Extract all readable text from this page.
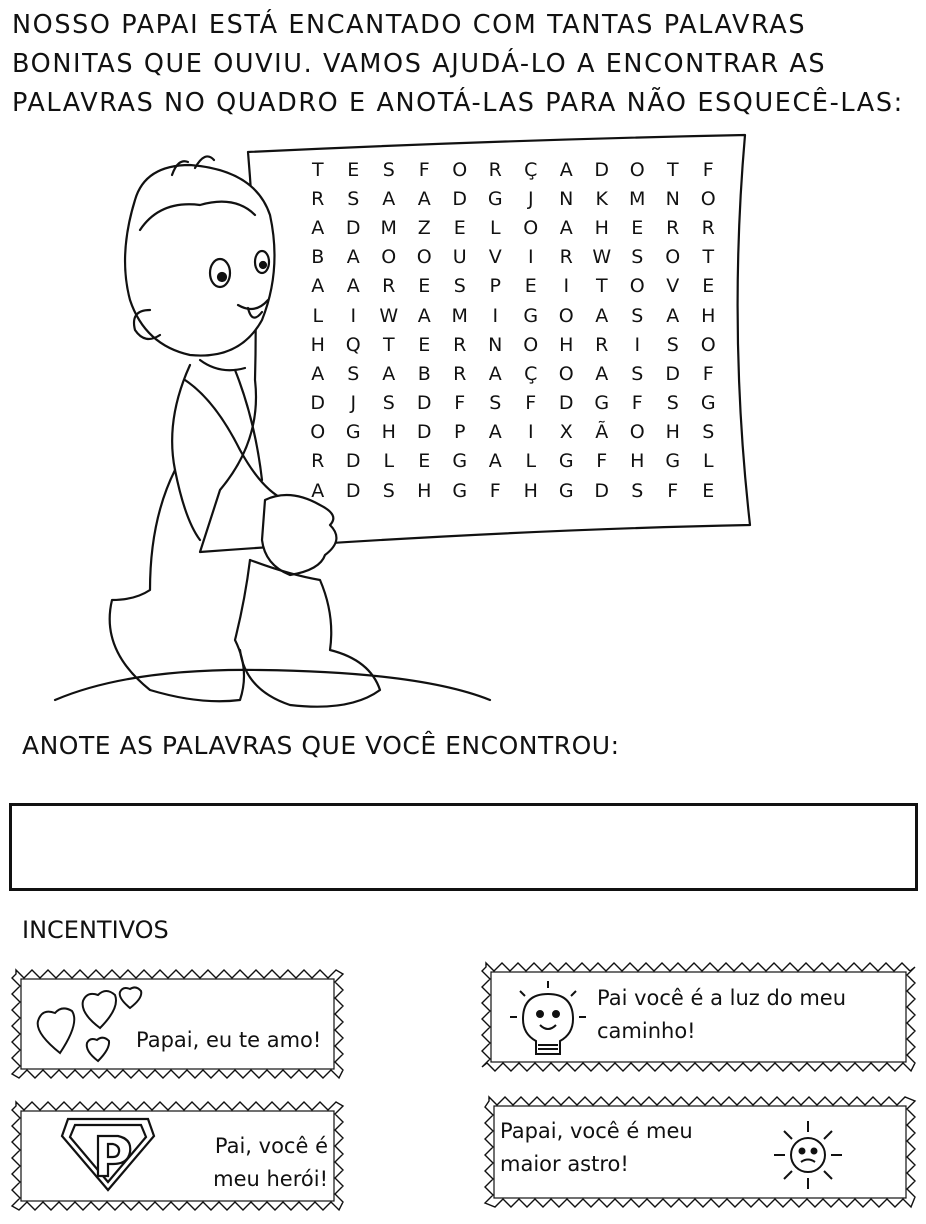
NOSSO PAPAI ESTÁ ENCANTADO COM TANTAS PALAVRAS
BONITAS QUE OUVIU. VAMOS AJUDÁ-LO A ENCONTRAR AS
PALAVRAS NO QUADRO E ANOTÁ-LAS PARA NÃO ESQUECÊ-LAS:
T	E	S	F	O	R	Ç	A	D	O	T	F
R	S	A	A	D	G	J	N	K	M	N	O
A	D	M	Z	E	L	O	A	H	E	R	R
B	A	O	O	U	V	I	R	W	S	O	T
A	A	R	E	S	P	E	I	T	O	V	E
L	I	W	A	M	I	G	O	A	S	A	H
H	Q	T	E	R	N	O	H	R	I	S	O
A	S	A	B	R	A	Ç	O	A	S	D	F
D	J	S	D	F	S	F	D	G	F	S	G
O	G	H	D	P	A	I	X	Ã	O	H	S
R	D	L	E	G	A	L	G	F	H	G	L
A	D	S	H	G	F	H	G	D	S	F	E
ANOTE AS PALAVRAS QUE VOCÊ ENCONTROU:
INCENTIVOS
Papai, eu te amo!
Pai você é a luz do meu
caminho!
Pai, você é
meu herói!
Papai, você é meu
maior astro!
